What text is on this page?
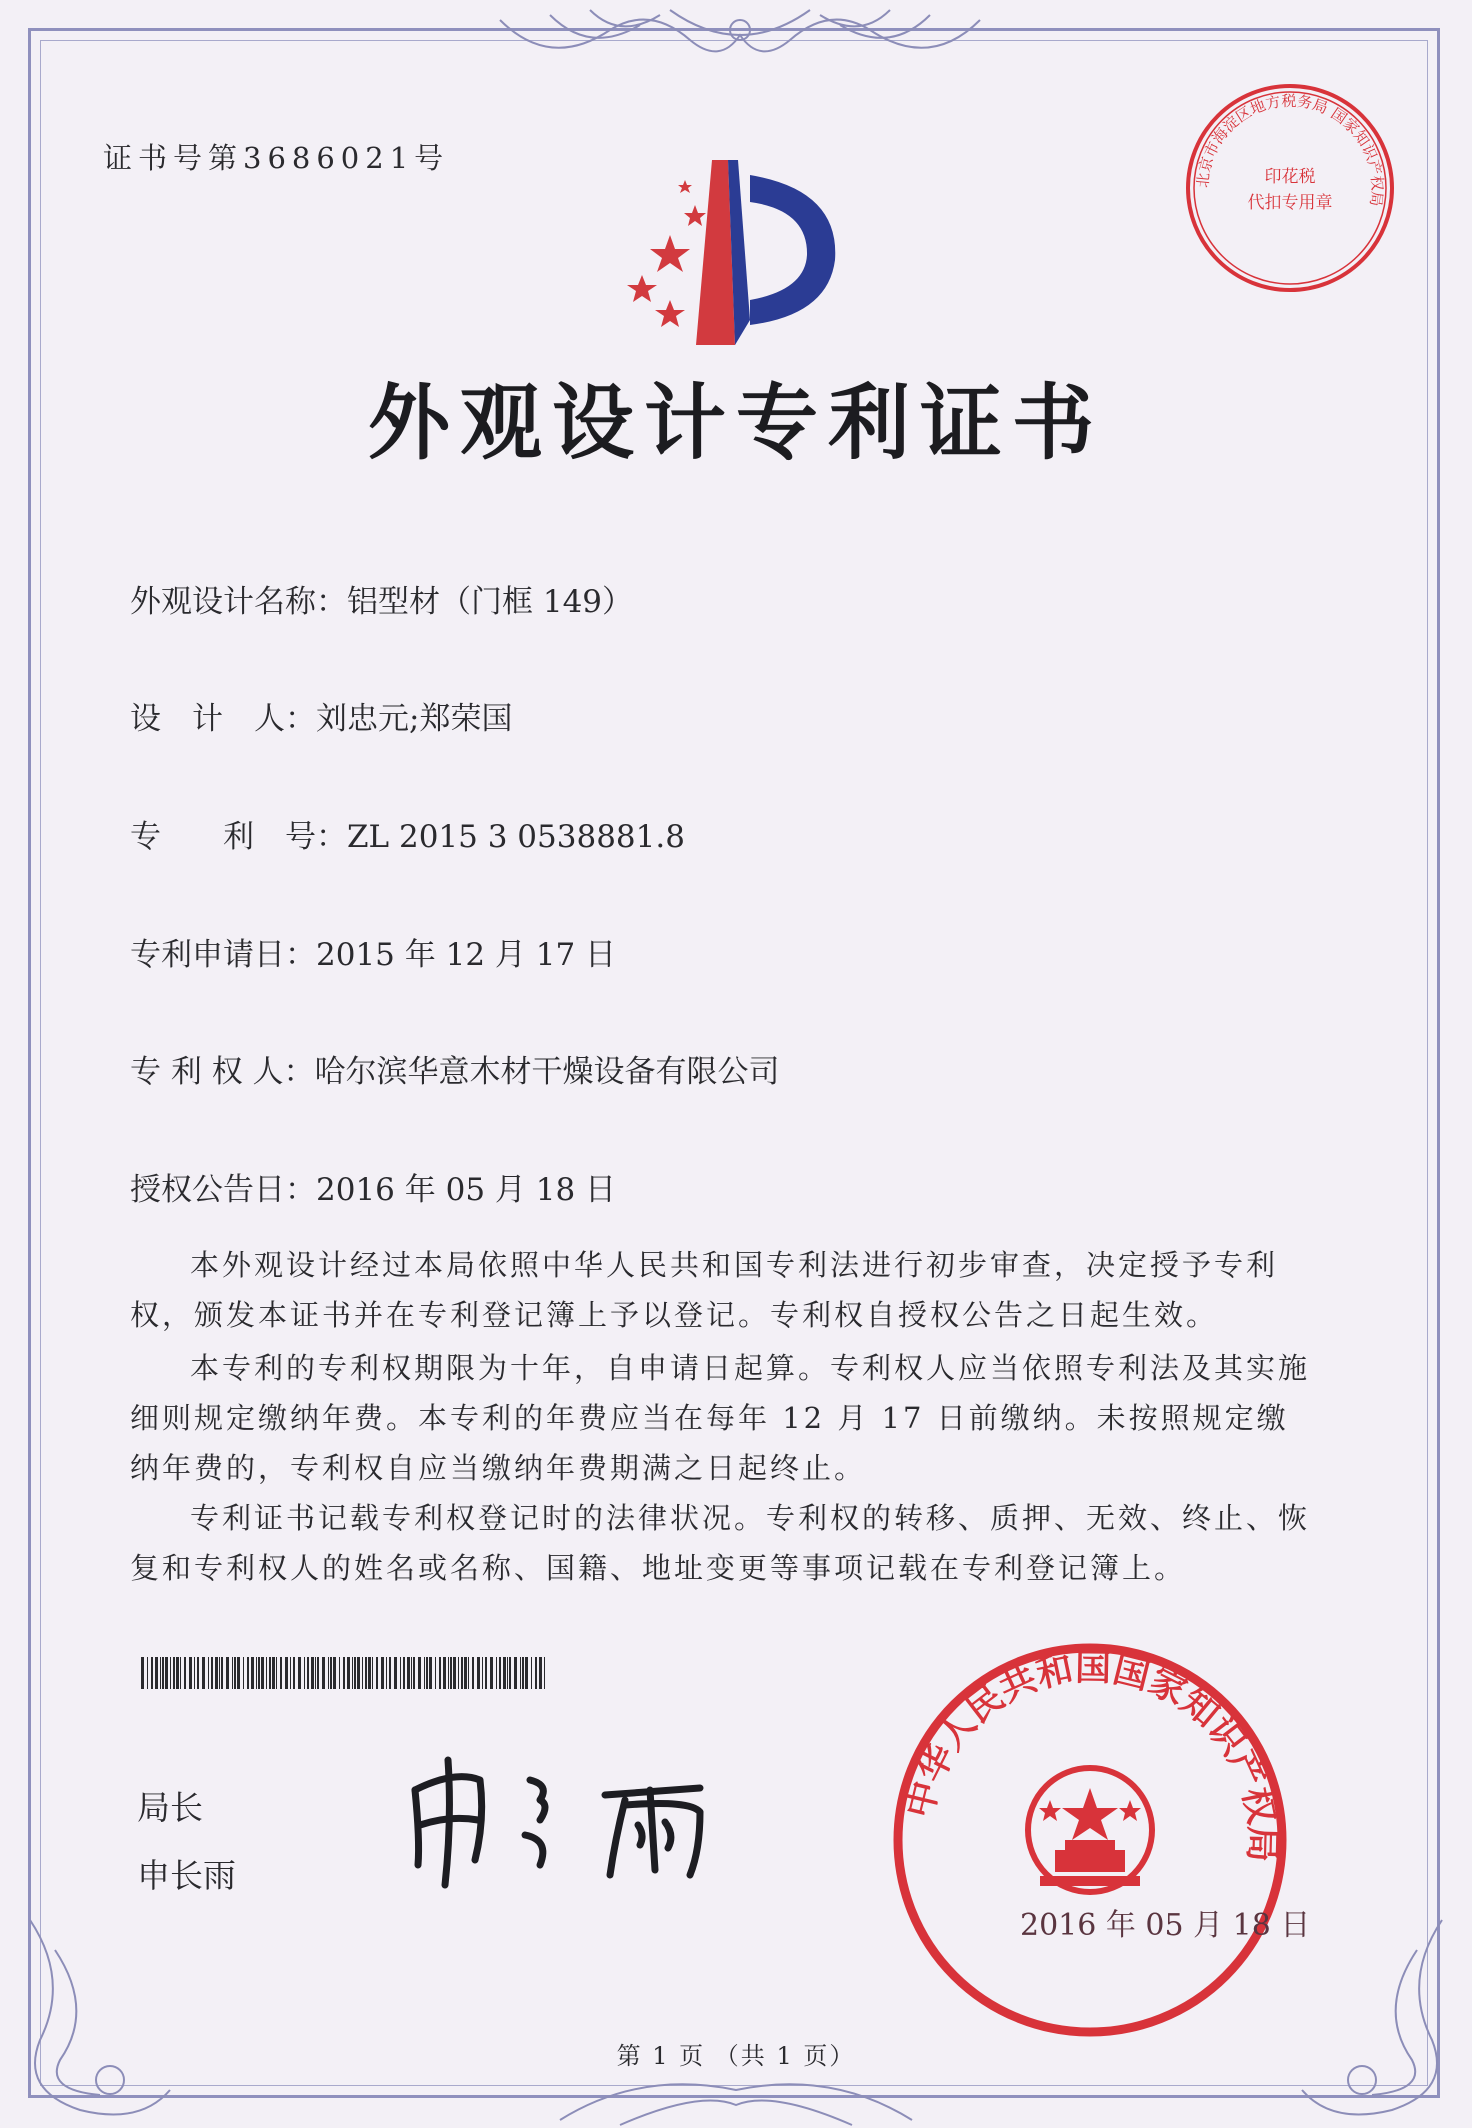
证书号第3686021号
外观设计专利证书
外观设计名称：铝型材（门框 149）
设　计　人：刘忠元;郑荣国
专　　利　号：ZL 2015 3 0538881.8
专利申请日：2015 年 12 月 17 日
专 利 权 人：哈尔滨华意木材干燥设备有限公司
授权公告日：2016 年 05 月 18 日
本外观设计经过本局依照中华人民共和国专利法进行初步审查，决定授予专利权，颁发本证书并在专利登记簿上予以登记。专利权自授权公告之日起生效。
本专利的专利权期限为十年，自申请日起算。专利权人应当依照专利法及其实施细则规定缴纳年费。本专利的年费应当在每年 12 月 17 日前缴纳。未按照规定缴纳年费的，专利权自应当缴纳年费期满之日起终止。
专利证书记载专利权登记时的法律状况。专利权的转移、质押、无效、终止、恢复和专利权人的姓名或名称、国籍、地址变更等事项记载在专利登记簿上。
局长
申长雨
中华人民共和国国家知识产权局
2016 年 05 月 18 日
北京市海淀区地方税务局 国家知识产权局
印花税
代扣专用章
第 1 页 （共 1 页）
